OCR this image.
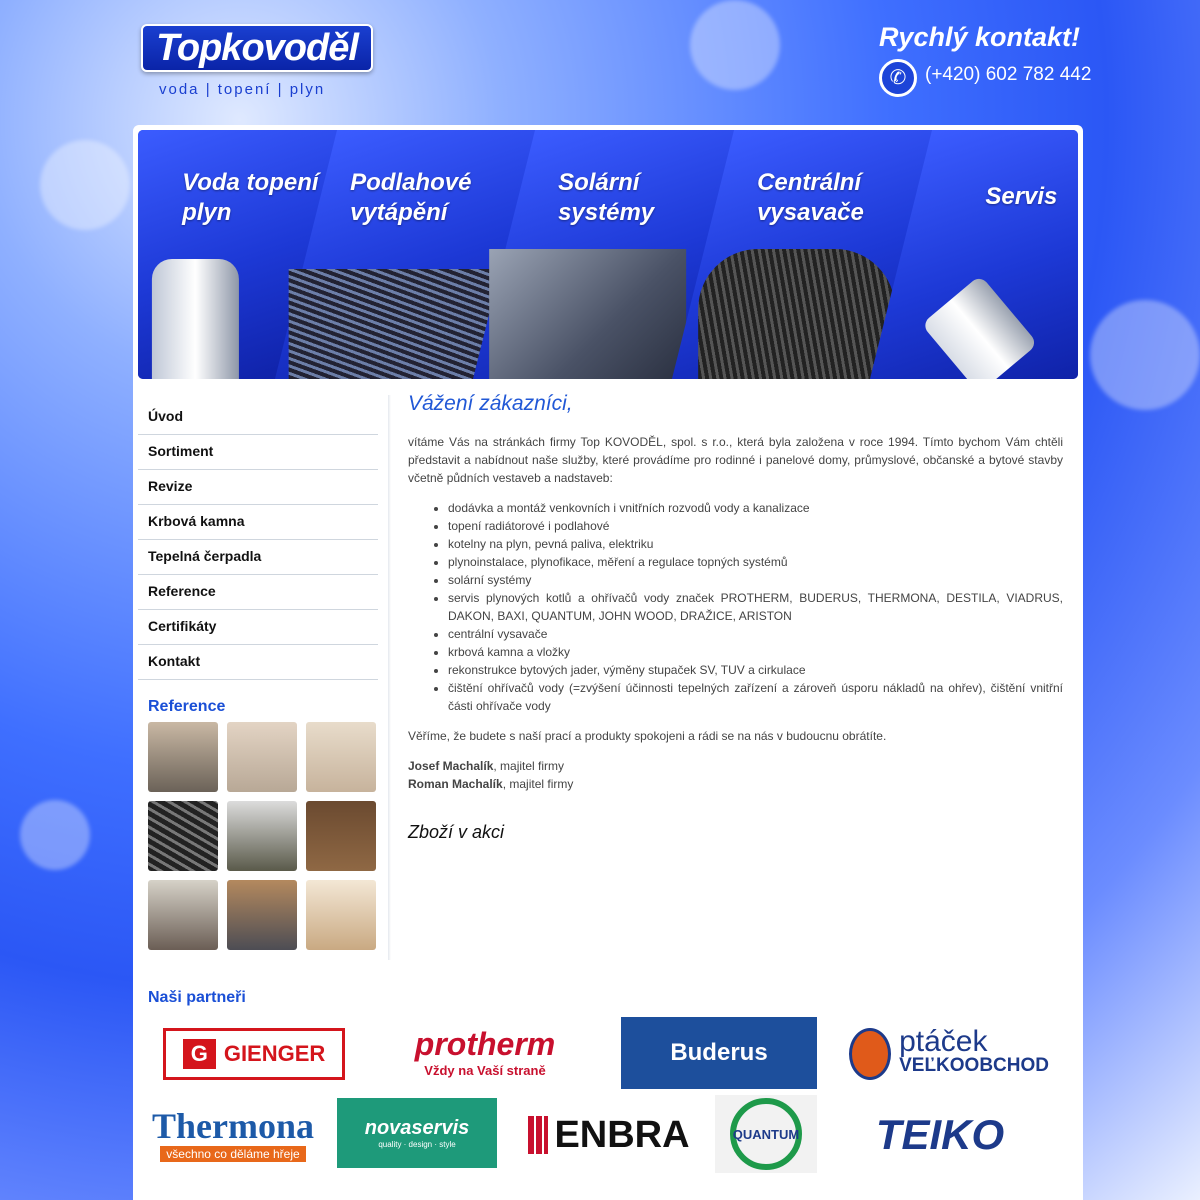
Topkovoděl
voda | topení | plyn
Rychlý kontakt!
✆ (+420) 602 782 442
Voda topení plyn
Podlahové vytápění
Solární systémy
Centrální vysavače
Servis
Úvod
Sortiment
Revize
Krbová kamna
Tepelná čerpadla
Reference
Certifikáty
Kontakt
Reference
Vážení zákazníci,

vítáme Vás na stránkách firmy Top KOVODĚL, spol. s r.o., která byla založena v roce 1994. Tímto bychom Vám chtěli představit a nabídnout naše služby, které provádíme pro rodinné i panelové domy, průmyslové, občanské a bytové stavby včetně půdních vestaveb a nadstaveb:

• dodávka a montáž venkovních i vnitřních rozvodů vody a kanalizace
• topení radiátorové i podlahové
• kotelny na plyn, pevná paliva, elektriku
• plynoinstalace, plynofikace, měření a regulace topných systémů
• solární systémy
• servis plynových kotlů a ohřívačů vody značek PROTHERM, BUDERUS, THERMONA, DESTILA, VIADRUS, DAKON, BAXI, QUANTUM, JOHN WOOD, DRAŽICE, ARISTON
• centrální vysavače
• krbová kamna a vložky
• rekonstrukce bytových jader, výměny stupaček SV, TUV a cirkulace
• čištění ohřívačů vody (=zvýšení účinnosti tepelných zařízení a zároveň úsporu nákladů na ohřev), čištění vnitřní části ohřívače vody

Věříme, že budete s naší prací a produkty spokojeni a rádi se na nás v budoucnu obrátíte.

Josef Machalík, majitel firmy
Roman Machalík, majitel firmy
Zboží v akci
Naši partneři
G GIENGER	protherm
Vždy na Vaší straně
Buderus	ptáček
VEĽKOOBCHOD
Thermona
všechno co děláme hřeje
novaservis
quality · design · style	ENBRA	QUANTUM TEIKO
